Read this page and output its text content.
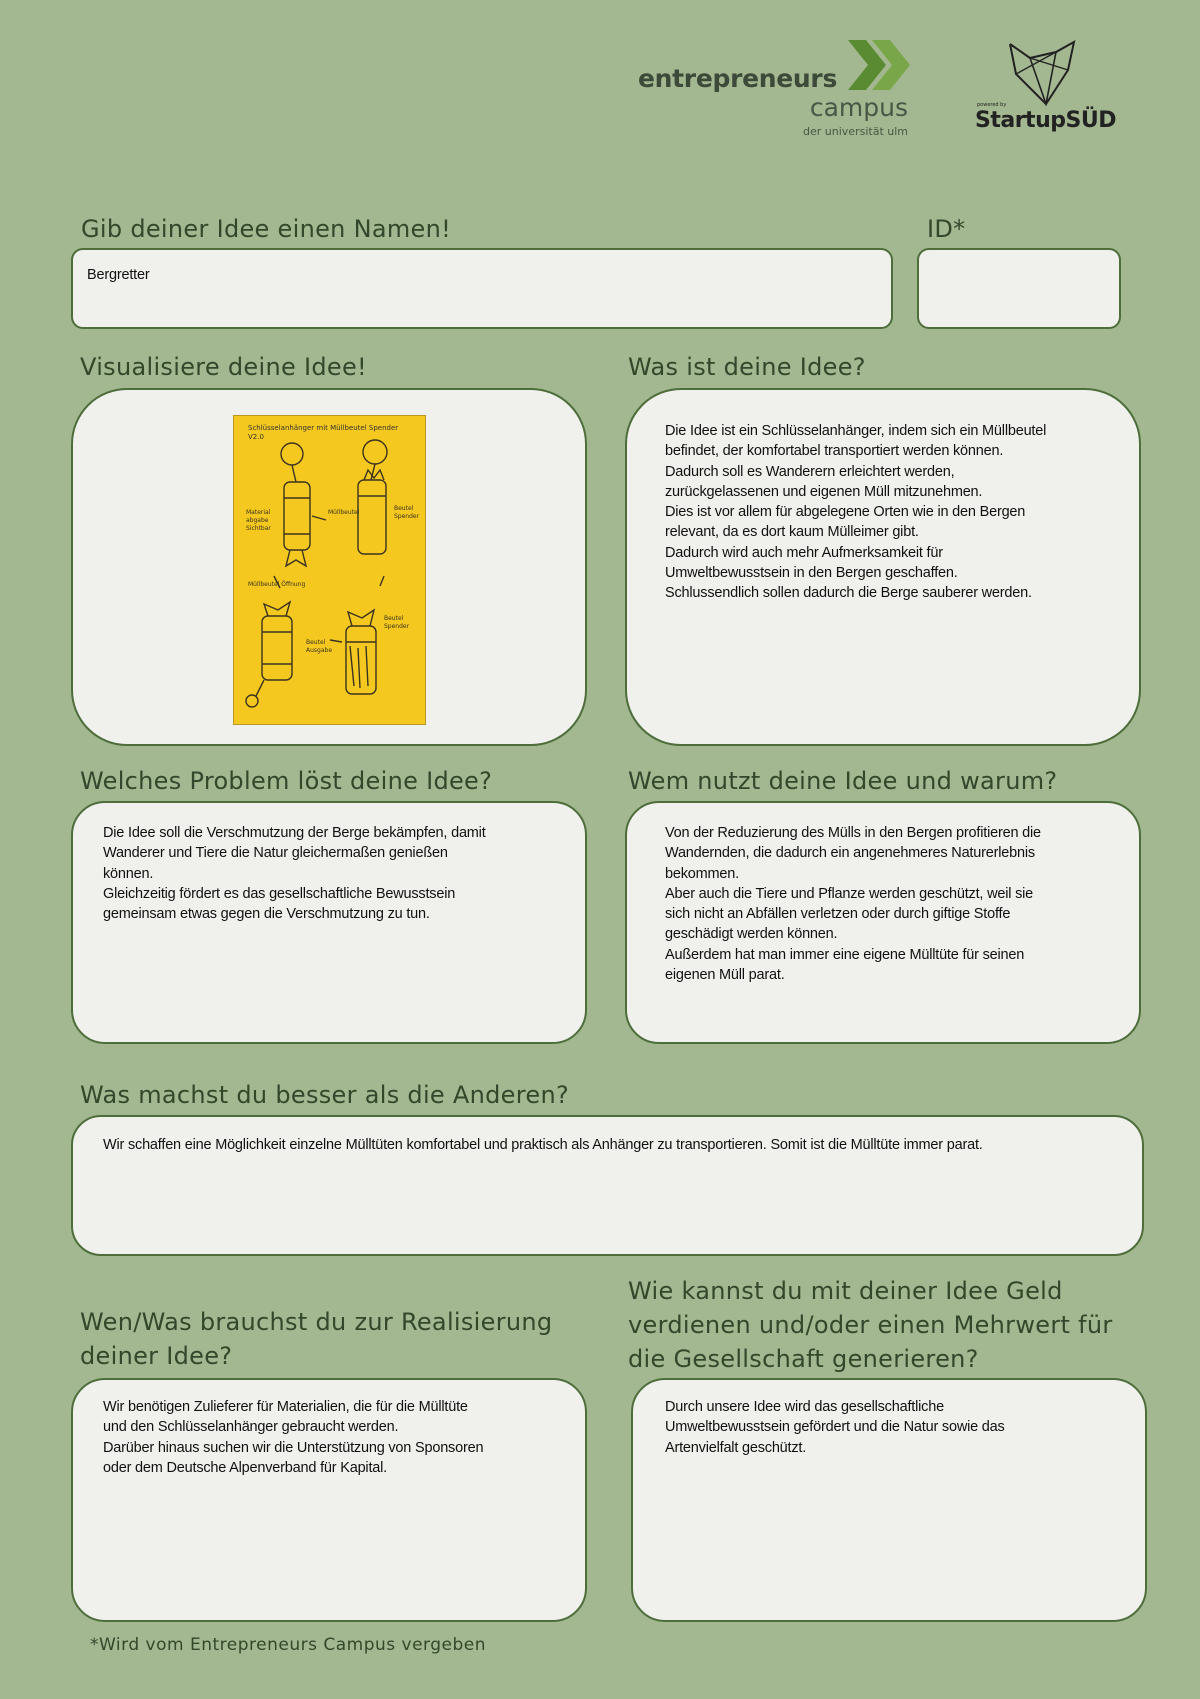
entrepreneurs
campus
der universität ulm
powered by
StartupSÜD
Gib deiner Idee einen Namen!
Bergretter
ID*
Visualisiere deine Idee!
Schlüsselanhänger mit Müllbeutel Spender V2.0
Material
abgabe
Sichtbar
Müllbeutel
Beutel
Spender
Müllbeutel Öffnung
Beutel
Ausgabe
Beutel
Spender
Was ist deine Idee?
Die Idee ist ein Schlüsselanhänger, indem sich ein Müllbeutel
befindet, der komfortabel transportiert werden können.
Dadurch soll es Wanderern erleichtert werden,
zurückgelassenen und eigenen Müll mitzunehmen.
Dies ist vor allem für abgelegene Orten wie in den Bergen
relevant, da es dort kaum Mülleimer gibt.
Dadurch wird auch mehr Aufmerksamkeit für
Umweltbewusstsein in den Bergen geschaffen.
Schlussendlich sollen dadurch die Berge sauberer werden.
Welches Problem löst deine Idee?
Die Idee soll die Verschmutzung der Berge bekämpfen, damit
Wanderer und Tiere die Natur gleichermaßen genießen
können.
Gleichzeitig fördert es das gesellschaftliche Bewusstsein
gemeinsam etwas gegen die Verschmutzung zu tun.
Wem nutzt deine Idee und warum?
Von der Reduzierung des Mülls in den Bergen profitieren die
Wandernden, die dadurch ein angenehmeres Naturerlebnis
bekommen.
Aber auch die Tiere und Pflanze werden geschützt, weil sie
sich nicht an Abfällen verletzen oder durch giftige Stoffe
geschädigt werden können.
Außerdem hat man immer eine eigene Mülltüte für seinen
eigenen Müll parat.
Was machst du besser als die Anderen?
Wir schaffen eine Möglichkeit einzelne Mülltüten komfortabel und praktisch als Anhänger zu transportieren. Somit ist die Mülltüte immer parat.
Wen/Was brauchst du zur Realisierung
deiner Idee?
Wir benötigen Zulieferer für Materialien, die für die Mülltüte
und den Schlüsselanhänger gebraucht werden.
Darüber hinaus suchen wir die Unterstützung von Sponsoren
oder dem Deutsche Alpenverband für Kapital.
Wie kannst du mit deiner Idee Geld
verdienen und/oder einen Mehrwert für
die Gesellschaft generieren?
Durch unsere Idee wird das gesellschaftliche
Umweltbewusstsein gefördert und die Natur sowie das
Artenvielfalt geschützt.
*Wird vom Entrepreneurs Campus vergeben
